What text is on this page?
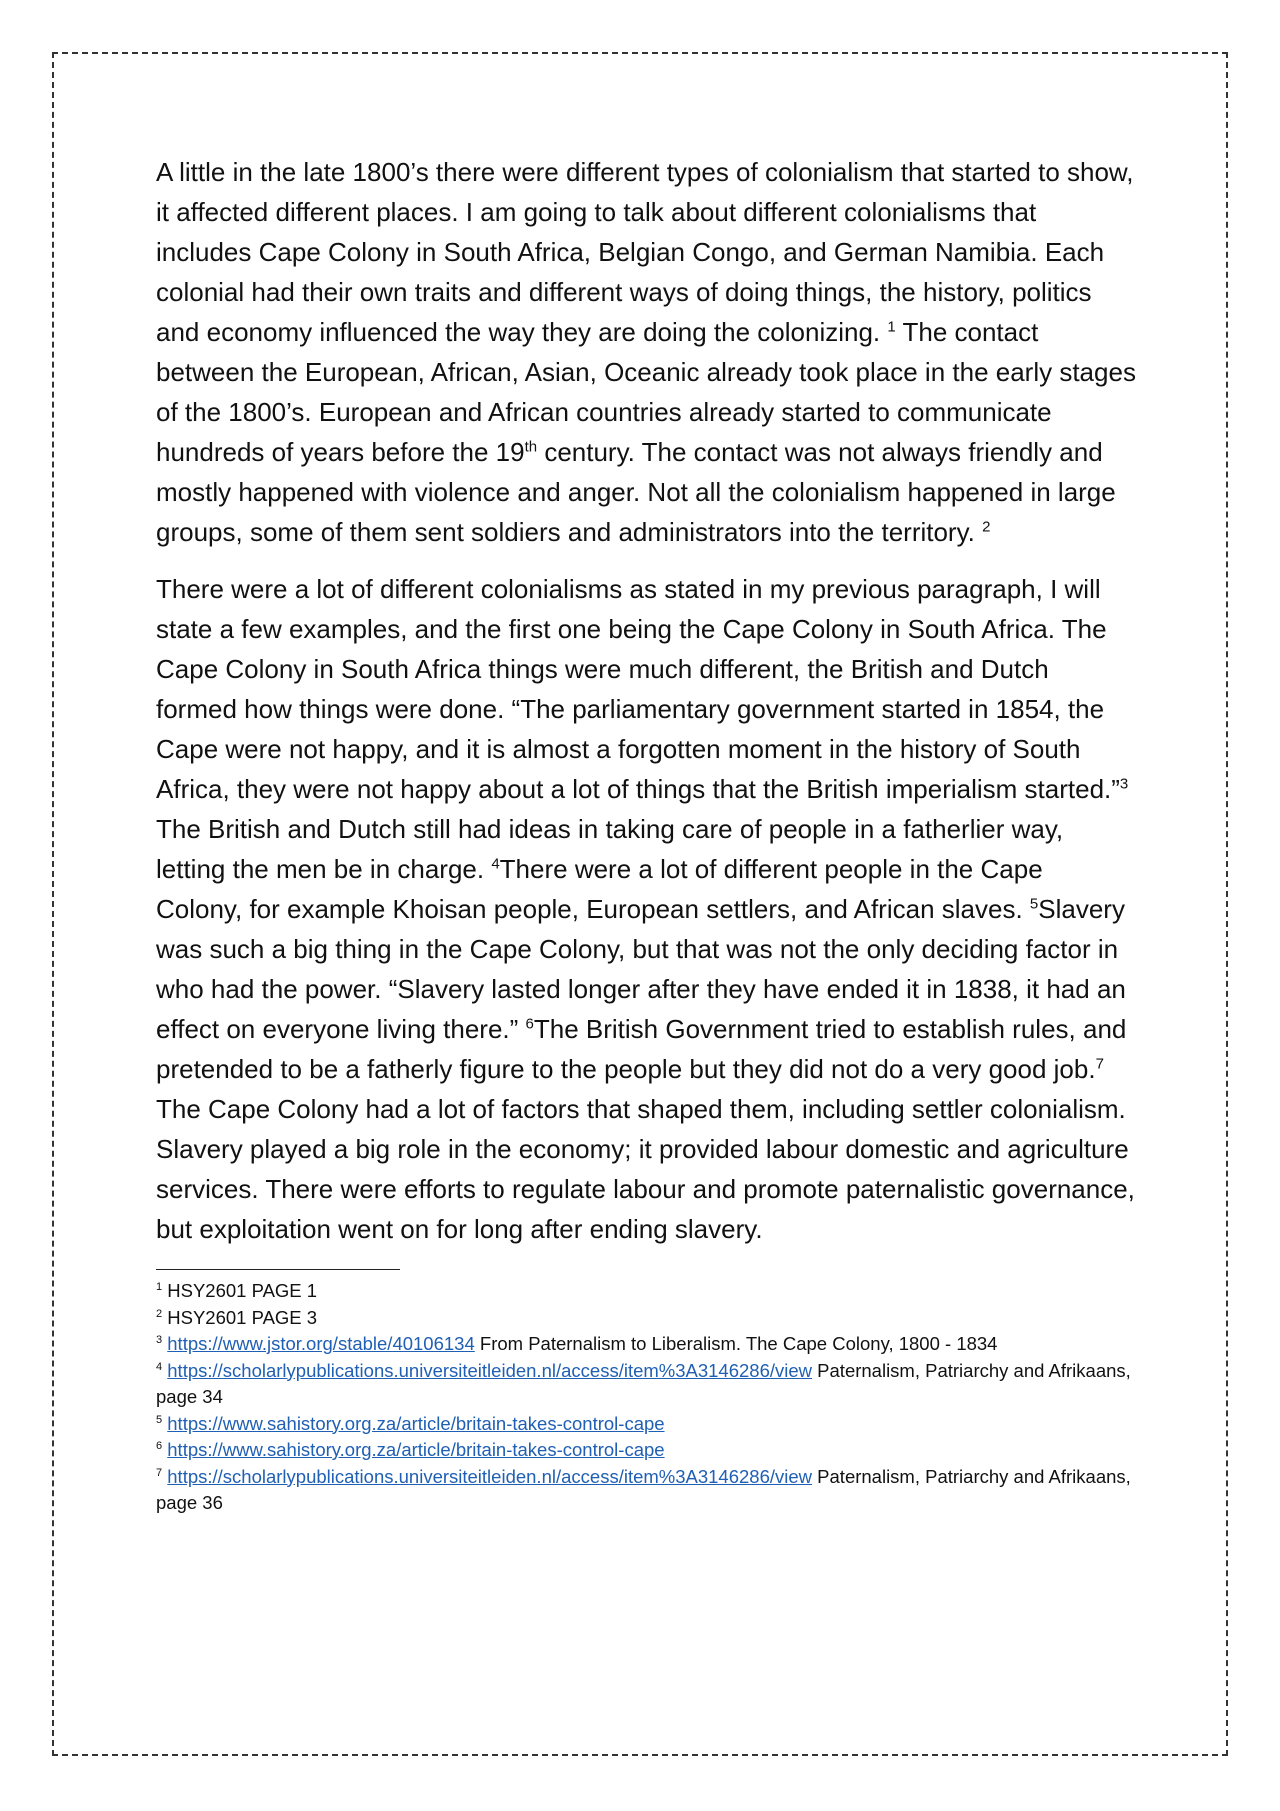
A little in the late 1800’s there were different types of colonialism that started to show, it affected different places. I am going to talk about different colonialisms that includes Cape Colony in South Africa, Belgian Congo, and German Namibia. Each colonial had their own traits and different ways of doing things, the history, politics and economy influenced the way they are doing the colonizing. $^1$ The contact between the European, African, Asian, Oceanic already took place in the early stages of the 1800’s. European and African countries already started to communicate hundreds of years before the 19th century. The contact was not always friendly and mostly happened with violence and anger. Not all the colonialism happened in large groups, some of them sent soldiers and administrators into the territory. $^2$

There were a lot of different colonialisms as stated in my previous paragraph, I will state a few examples, and the first one being the Cape Colony in South Africa. The Cape Colony in South Africa things were much different, the British and Dutch formed how things were done. “The parliamentary government started in 1854, the Cape were not happy, and it is almost a forgotten moment in the history of South Africa, they were not happy about a lot of things that the British imperialism started.”$^3$ The British and Dutch still had ideas in taking care of people in a fatherlier way, letting the men be in charge. $^4$There were a lot of different people in the Cape Colony, for example Khoisan people, European settlers, and African slaves. $^5$Slavery was such a big thing in the Cape Colony, but that was not the only deciding factor in who had the power. “Slavery lasted longer after they have ended it in 1838, it had an effect on everyone living there.” $^6$The British Government tried to establish rules, and pretended to be a fatherly figure to the people but they did not do a very good job.$^7$ The Cape Colony had a lot of factors that shaped them, including settler colonialism. Slavery played a big role in the economy; it provided labour domestic and agriculture services. There were efforts to regulate labour and promote paternalistic governance, but exploitation went on for long after ending slavery.

$^1$ HSY2601 PAGE 1

$^2$ HSY2601 PAGE 3

$^3$ https://www.jstor.org/stable/40106134 From Paternalism to Liberalism. The Cape Colony, 1800 - 1834

$^4$ https://scholarlypublications.universiteitleiden.nl/access/item%3A3146286/view Paternalism, Patriarchy and Afrikaans, page 34

$^5$ https://www.sahistory.org.za/article/britain-takes-control-cape

$^6$ https://www.sahistory.org.za/article/britain-takes-control-cape

$^7$ https://scholarlypublications.universiteitleiden.nl/access/item%3A3146286/view Paternalism, Patriarchy and Afrikaans, page 36
